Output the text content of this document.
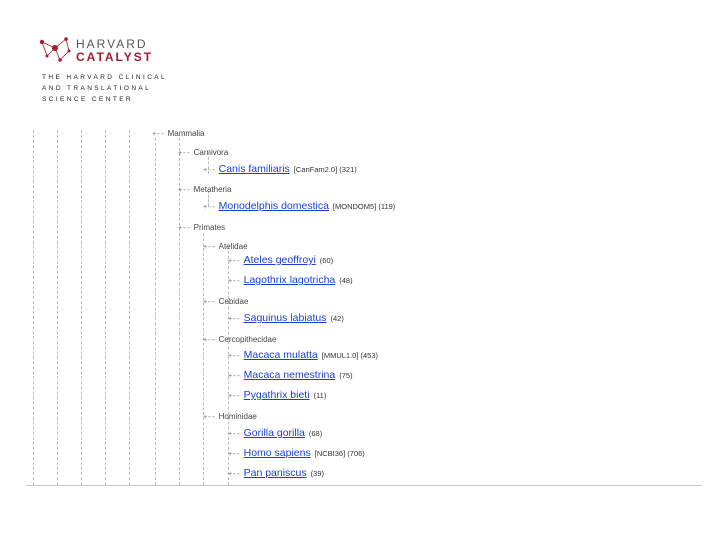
HARVARD
CATALYST
THE HARVARD CLINICAL
AND TRANSLATIONAL
SCIENCE CENTER
+-- Mammalia
+-- Carnivora
+-- Canis familiaris [CanFam2.0] (321)
+-- Metatheria
+-- Monodelphis domestica [MONDOM5] (119)
+-- Primates
+-- Atelidae
+-- Ateles geoffroyi (60)
+-- Lagothrix lagotricha (48)
+-- Cebidae
+-- Saguinus labiatus (42)
+-- Cercopithecidae
+-- Macaca mulatta [MMUL1.0] (453)
+-- Macaca nemestrina (75)
+-- Pygathrix bieti (11)
+-- Hominidae
+-- Gorilla gorilla (68)
+-- Homo sapiens [NCBI36] (706)
+-- Pan paniscus (39)
